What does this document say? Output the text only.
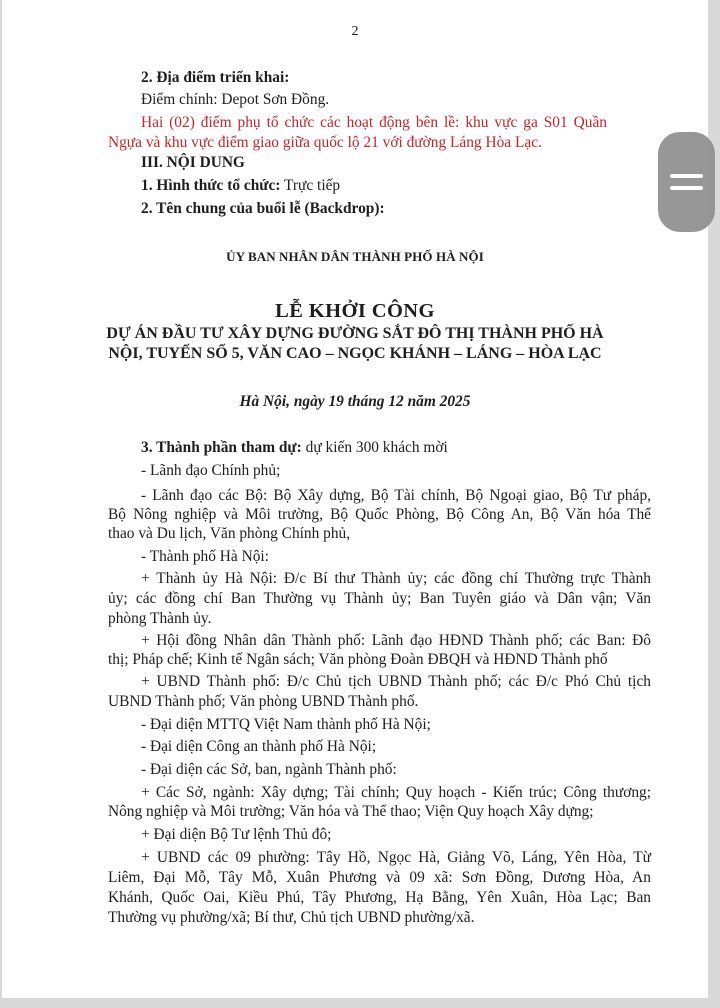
2
2. Địa điểm triển khai:
Điểm chính: Depot Sơn Đồng.
Hai (02) điểm phụ tổ chức các hoạt động bên lề: khu vực ga S01 Quần
Ngựa và khu vực điểm giao giữa quốc lộ 21 với đường Láng Hòa Lạc.
III. NỘI DUNG
1. Hình thức tổ chức: Trực tiếp
2. Tên chung của buổi lễ (Backdrop):
ỦY BAN NHÂN DÂN THÀNH PHỐ HÀ NỘI
LỄ KHỞI CÔNG
DỰ ÁN ĐẦU TƯ XÂY DỰNG ĐƯỜNG SẮT ĐÔ THỊ THÀNH PHỐ HÀ
NỘI, TUYẾN SỐ 5, VĂN CAO – NGỌC KHÁNH – LÁNG – HÒA LẠC
Hà Nội, ngày 19 tháng 12 năm 2025
3. Thành phần tham dự: dự kiến 300 khách mời
- Lãnh đạo Chính phủ;
- Lãnh đạo các Bộ: Bộ Xây dựng, Bộ Tài chính, Bộ Ngoại giao, Bộ Tư pháp,
Bộ Nông nghiệp và Môi trường, Bộ Quốc Phòng, Bộ Công An, Bộ Văn hóa Thể
thao và Du lịch, Văn phòng Chính phủ,
- Thành phố Hà Nội:
+ Thành ủy Hà Nội: Đ/c Bí thư Thành ủy; các đồng chí Thường trực Thành
ủy; các đồng chí Ban Thường vụ Thành ủy; Ban Tuyên giáo và Dân vận; Văn
phòng Thành ủy.
+ Hội đồng Nhân dân Thành phố: Lãnh đạo HĐND Thành phố; các Ban: Đô
thị; Pháp chế; Kinh tế Ngân sách; Văn phòng Đoàn ĐBQH và HĐND Thành phố
+ UBND Thành phố: Đ/c Chủ tịch UBND Thành phố; các Đ/c Phó Chủ tịch
UBND Thành phố; Văn phòng UBND Thành phố.
- Đại diện MTTQ Việt Nam thành phố Hà Nội;
- Đại diện Công an thành phố Hà Nội;
- Đại diện các Sở, ban, ngành Thành phố:
+ Các Sở, ngành: Xây dựng; Tài chính; Quy hoạch - Kiến trúc; Công thương;
Nông nghiệp và Môi trường; Văn hóa và Thể thao; Viện Quy hoạch Xây dựng;
+ Đại diện Bộ Tư lệnh Thủ đô;
+ UBND các 09 phường: Tây Hồ, Ngọc Hà, Giảng Võ, Láng, Yên Hòa, Từ
Liêm, Đại Mỗ, Tây Mỗ, Xuân Phương và 09 xã: Sơn Đồng, Dương Hòa, An
Khánh, Quốc Oai, Kiều Phú, Tây Phương, Hạ Bằng, Yên Xuân, Hòa Lạc; Ban
Thường vụ phường/xã; Bí thư, Chủ tịch UBND phường/xã.
